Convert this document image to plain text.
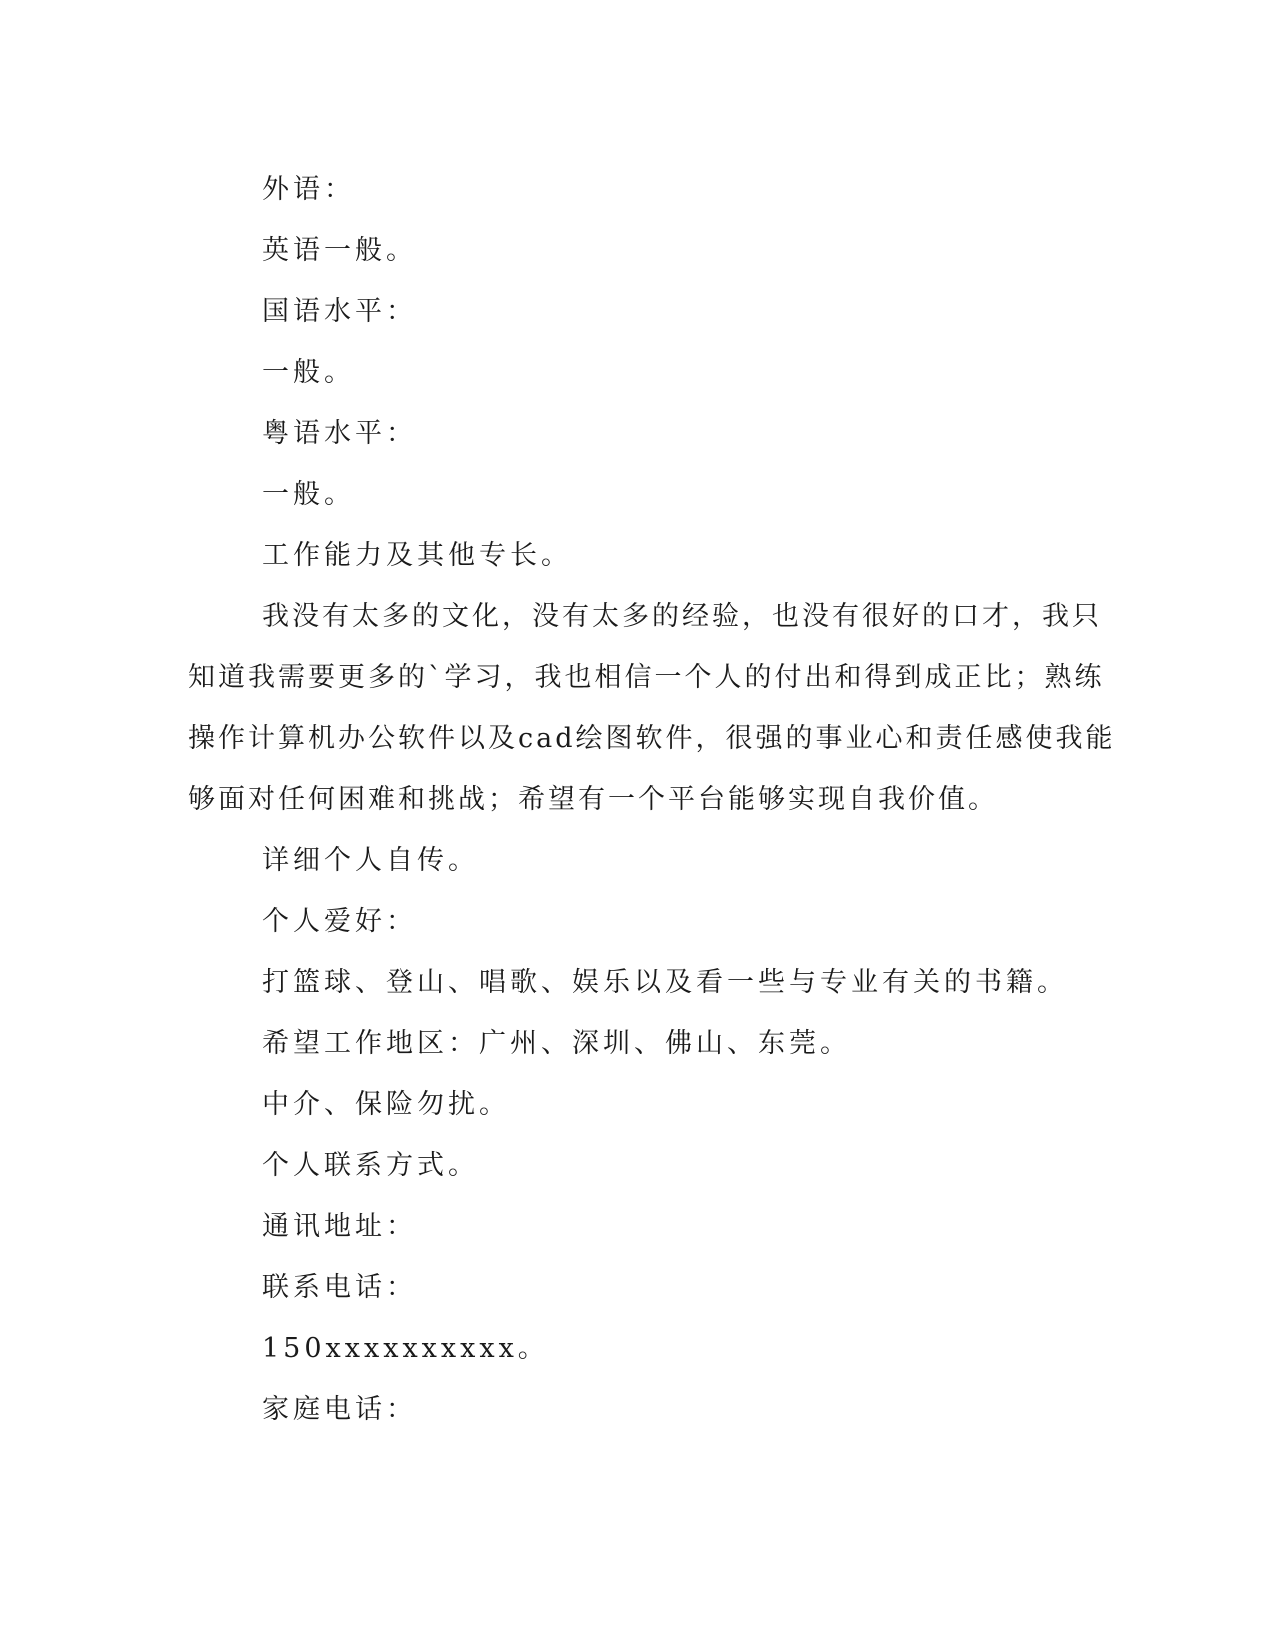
外语：

英语一般。

国语水平：

一般。

粤语水平：

一般。

工作能力及其他专长。

我没有太多的文化，没有太多的经验，也没有很好的口才，我只
知道我需要更多的`学习，我也相信一个人的付出和得到成正比；熟练
操作计算机办公软件以及cad绘图软件，很强的事业心和责任感使我能
够面对任何困难和挑战；希望有一个平台能够实现自我价值。

详细个人自传。

个人爱好：

打篮球、登山、唱歌、娱乐以及看一些与专业有关的书籍。

希望工作地区：广州、深圳、佛山、东莞。

中介、保险勿扰。

个人联系方式。

通讯地址：

联系电话：

150xxxxxxxxxx。

家庭电话：
